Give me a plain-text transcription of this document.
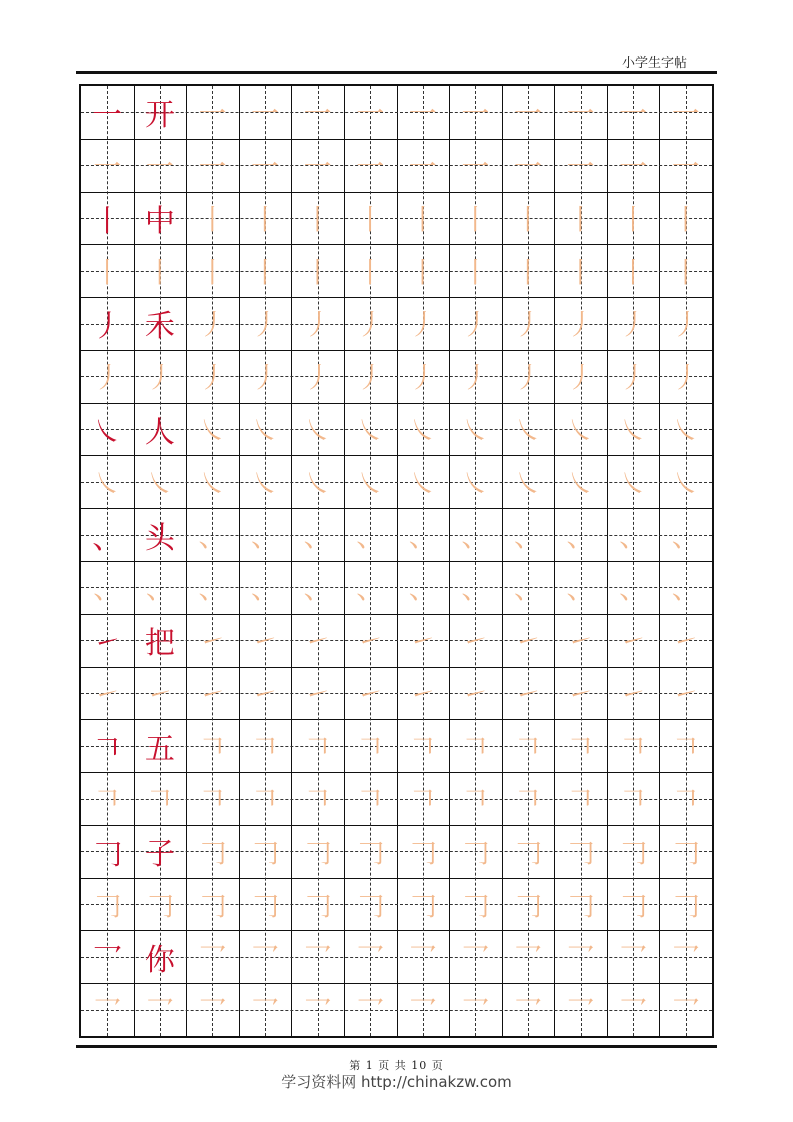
小学生字帖
一 开 一 一 一 一 一 一 一 一 一 一
一 一 一 一 一 一 一 一 一 一 一 一
丨 中 丨 丨 丨 丨 丨 丨 丨 丨 丨 丨
丨 丨 丨 丨 丨 丨 丨 丨 丨 丨 丨 丨
丿 禾 丿 丿 丿 丿 丿 丿 丿 丿 丿 丿
丿 丿 丿 丿 丿 丿 丿 丿 丿 丿 丿 丿
㇏ 人 ㇏ ㇏ ㇏ ㇏ ㇏ ㇏ ㇏ ㇏ ㇏ ㇏
㇏ ㇏ ㇏ ㇏ ㇏ ㇏ ㇏ ㇏ ㇏ ㇏ ㇏ ㇏
、 头 、 、 、 、 、 、 、 、 、 、
、 、 、 、 、 、 、 、 、 、 、 、
㇀ 把 ㇀ ㇀ ㇀ ㇀ ㇀ ㇀ ㇀ ㇀ ㇀ ㇀
㇀ ㇀ ㇀ ㇀ ㇀ ㇀ ㇀ ㇀ ㇀ ㇀ ㇀ ㇀
𠃍 五 𠃍 𠃍 𠃍 𠃍 𠃍 𠃍 𠃍 𠃍 𠃍 𠃍
𠃍 𠃍 𠃍 𠃍 𠃍 𠃍 𠃍 𠃍 𠃍 𠃍 𠃍 𠃍
𠃌 子 𠃌 𠃌 𠃌 𠃌 𠃌 𠃌 𠃌 𠃌 𠃌 𠃌
𠃌 𠃌 𠃌 𠃌 𠃌 𠃌 𠃌 𠃌 𠃌 𠃌 𠃌 𠃌
乛 你 乛 乛 乛 乛 乛 乛 乛 乛 乛 乛
乛 乛 乛 乛 乛 乛 乛 乛 乛 乛 乛 乛
第 1 页 共 10 页
学习资料网 http://chinakzw.com
